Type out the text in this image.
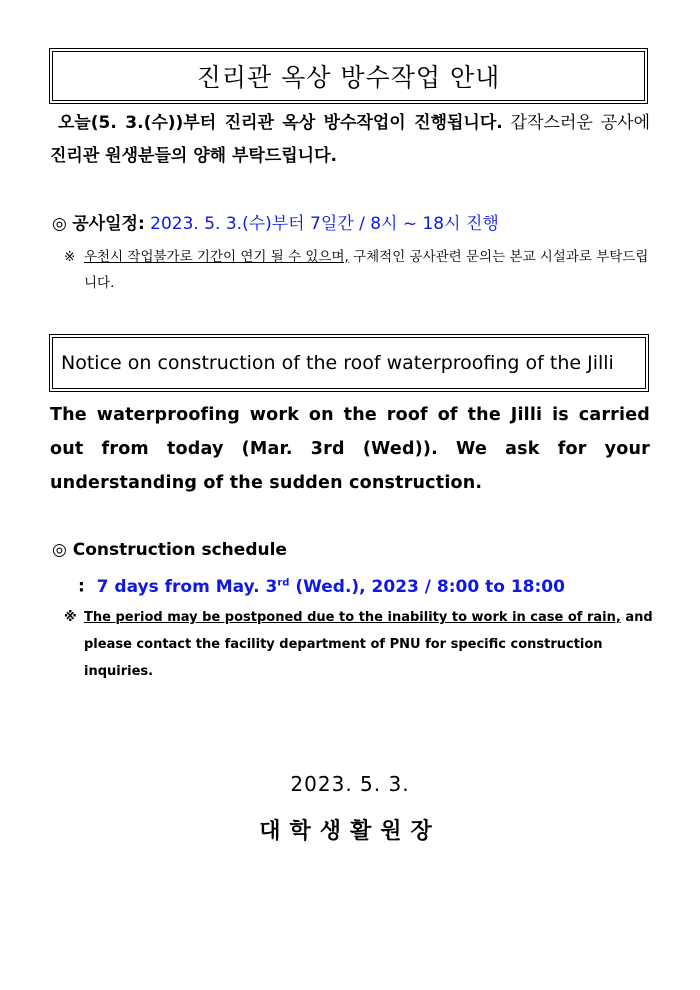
진리관 옥상 방수작업 안내
오늘(5. 3.(수))부터 진리관 옥상 방수작업이 진행됩니다. 갑작스러운 공사에 진리관 원생분들의 양해 부탁드립니다.
◎ 공사일정: 2023. 5. 3.(수)부터 7일간 / 8시 ~ 18시 진행
※ 우천시 작업불가로 기간이 연기 될 수 있으며, 구체적인 공사관련 문의는 본교 시설과로 부탁드립니다.
Notice on construction of the roof waterproofing of the Jilli
The waterproofing work on the roof of the Jilli is carried out from today (Mar. 3rd (Wed)). We ask for your understanding of the sudden construction.
◎ Construction schedule
: 7 days from May. 3rd (Wed.), 2023 / 8:00 to 18:00
※ The period may be postponed due to the inability to work in case of rain, and please contact the facility department of PNU for specific construction inquiries.
2023. 5. 3.
대학생활원장
